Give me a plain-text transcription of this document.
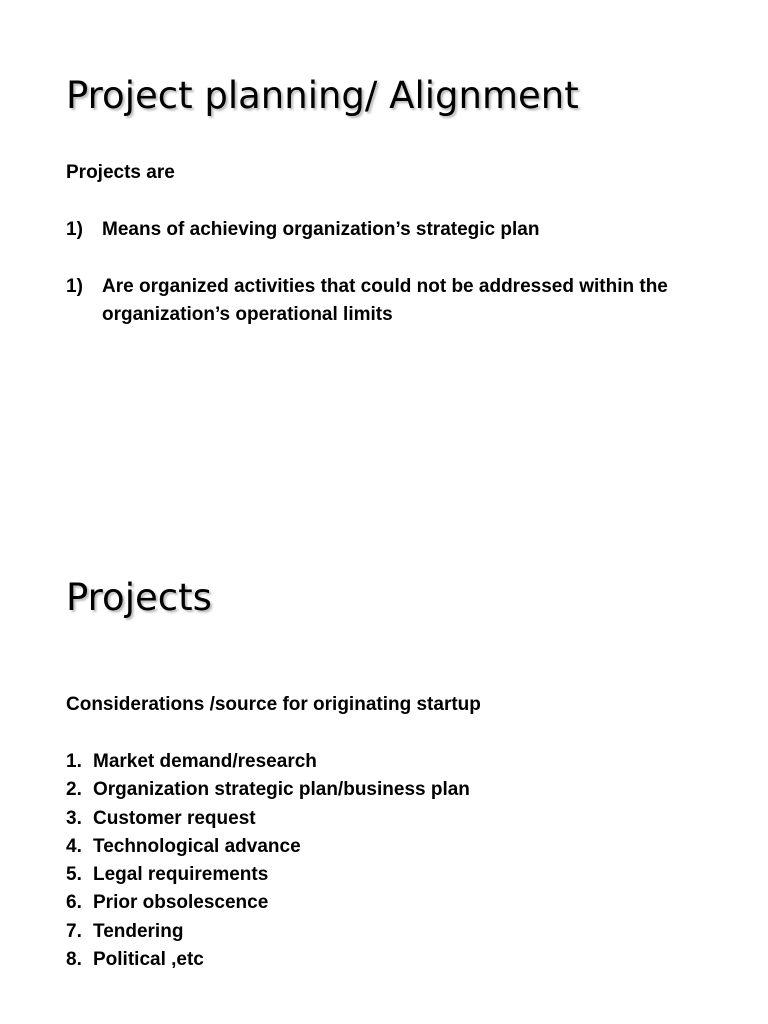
Project planning/ Alignment

Projects are

1)	Means of achieving organization’s strategic plan
1)	Are organized activities that could not be addressed within the organization’s operational limits
Projects

Considerations /source for originating startup

1. Market demand/research
2. Organization strategic plan/business plan
3. Customer request
4. Technological advance
5. Legal requirements
6. Prior obsolescence
7. Tendering
8. Political ,etc
